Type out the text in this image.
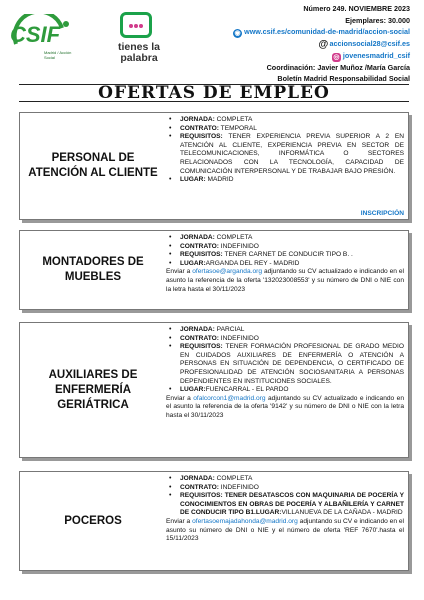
CSIF
Madrid / Acción Social
tienes la palabra
Número 249. NOVIEMBRE 2023
Ejemplares: 30.000
◉ www.csif.es/comunidad-de-madrid/accion-social
@accionsocial28@csif.es
◎ jovenesmadrid_csif
Coordinación: Javier Muñoz /María García
Boletín Madrid Responsabilidad Social
OFERTAS DE EMPLEO
PERSONAL DE ATENCIÓN AL CLIENTE
• JORNADA: COMPLETA
• CONTRATO: TEMPORAL
• REQUISITOS: TENER EXPERIENCIA PREVIA SUPERIOR A 2 EN ATENCIÓN AL CLIENTE, EXPERIENCIA PREVIA EN SECTOR DE TELECOMUNICACIONES, INFORMÁTICA O SECTORES RELACIONADOS CON LA TECNOLOGÍA, CAPACIDAD DE COMUNICACIÓN INTERPERSONAL Y DE TRABAJAR BAJO PRESIÓN.
• LUGAR: MADRID
INSCRIPCIÓN
MONTADORES DE MUEBLES
• JORNADA: COMPLETA
• CONTRATO: INDEFINIDO
• REQUISITOS: TENER CARNET DE CONDUCIR TIPO B. .
• LUGAR:ARGANDA DEL REY - MADRID
Enviar a ofertasoe@arganda.org adjuntando su CV actualizado e indicando en el asunto la referencia de la oferta '132023008553' y su número de DNI o NIE con la letra hasta el 30/11/2023
AUXILIARES DE ENFERMERÍA GERIÁTRICA
• JORNADA: PARCIAL
• CONTRATO: INDEFINIDO
• REQUISITOS: TENER FORMACIÓN PROFESIONAL DE GRADO MEDIO EN CUIDADOS AUXILIARES DE ENFERMERÍA O ATENCIÓN A PERSONAS EN SITUACIÓN DE DEPENDENCIA, O CERTIFICADO DE PROFESIONALIDAD DE ATENCIÓN SOCIOSANITARIA A PERSONAS DEPENDIENTES EN INSTITUCIONES SOCIALES.
• LUGAR:FUENCARRAL - EL PARDO
Enviar a ofalcorcon1@madrid.org adjuntando su CV actualizado e indicando en el asunto la referencia de la oferta '9142' y su número de DNI o NIE con la letra hasta el 30/11/2023
POCEROS
• JORNADA: COMPLETA
• CONTRATO: INDEFINIDO
• REQUISITOS: TENER DESATASCOS CON MAQUINARIA DE POCERÍA Y CONOCIMIENTOS EN OBRAS DE POCERÍA Y ALBAÑILERÍA Y CARNET DE CONDUCIR TIPO B1.LUGAR:VILLANUEVA DE LA CAÑADA - MADRID
Enviar a ofertasoemajadahonda@madrid.org adjuntando su CV e indicando en el asunto su número de DNI o NIE y el número de oferta 'REF 7670'.hasta el 15/11/2023
